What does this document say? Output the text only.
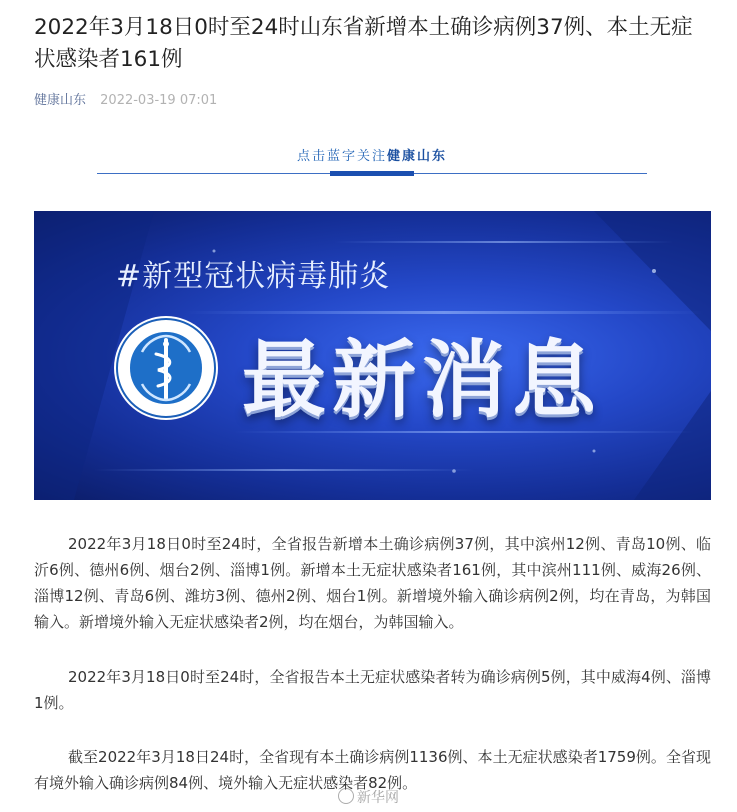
2022年3月18日0时至24时山东省新增本土确诊病例37例、本土无症状感染者161例
健康山东 2022-03-19 07:01
点击蓝字关注健康山东
#新型冠状病毒肺炎
最新消息

2022年3月18日0时至24时，全省报告新增本土确诊病例37例，其中滨州12例、青岛10例、临沂6例、德州6例、烟台2例、淄博1例。新增本土无症状感染者161例，其中滨州111例、威海26例、淄博12例、青岛6例、潍坊3例、德州2例、烟台1例。新增境外输入确诊病例2例，均在青岛，为韩国输入。新增境外输入无症状感染者2例，均在烟台，为韩国输入。

2022年3月18日0时至24时，全省报告本土无症状感染者转为确诊病例5例，其中威海4例、淄博1例。

截至2022年3月18日24时，全省现有本土确诊病例1136例、本土无症状感染者1759例。全省现有境外输入确诊病例84例、境外输入无症状感染者82例。

新华网
